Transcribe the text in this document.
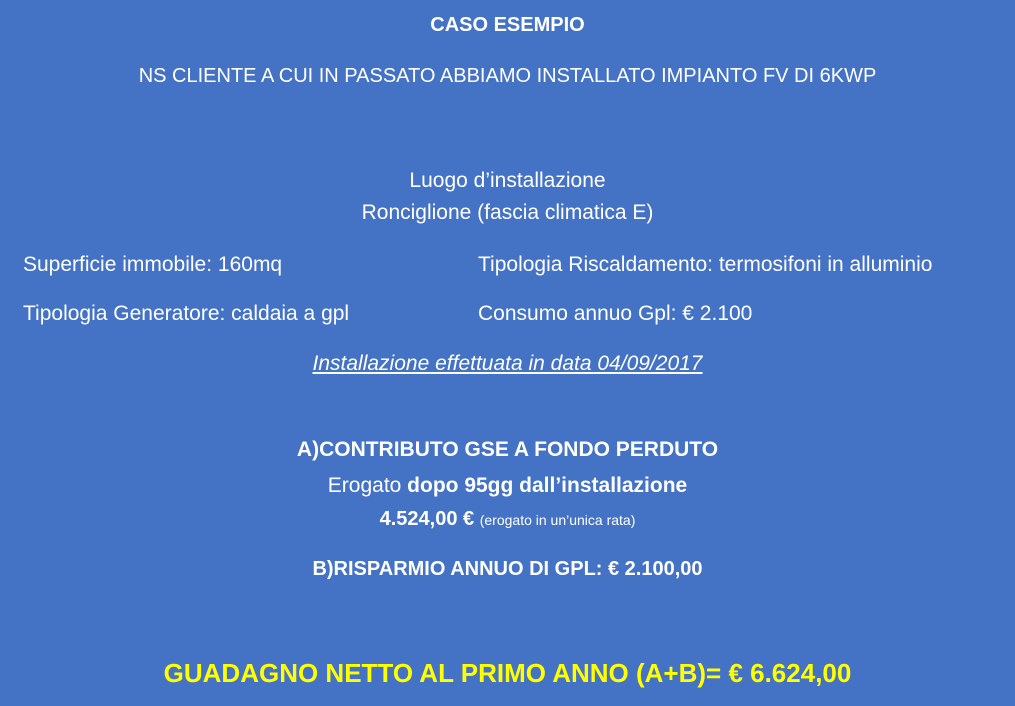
CASO ESEMPIO
NS CLIENTE A CUI IN PASSATO ABBIAMO INSTALLATO IMPIANTO FV DI 6KWP
Luogo d’installazione
Ronciglione (fascia climatica E)
Superficie immobile: 160mq	Tipologia Riscaldamento: termosifoni in alluminio
Tipologia Generatore: caldaia a gpl	Consumo annuo Gpl: € 2.100
Installazione effettuata in data 04/09/2017
A)CONTRIBUTO GSE A FONDO PERDUTO
Erogato dopo 95gg dall’installazione
4.524,00 € (erogato in un’unica rata)
B)RISPARMIO ANNUO DI GPL: € 2.100,00
GUADAGNO NETTO AL PRIMO ANNO (A+B)= € 6.624,00
